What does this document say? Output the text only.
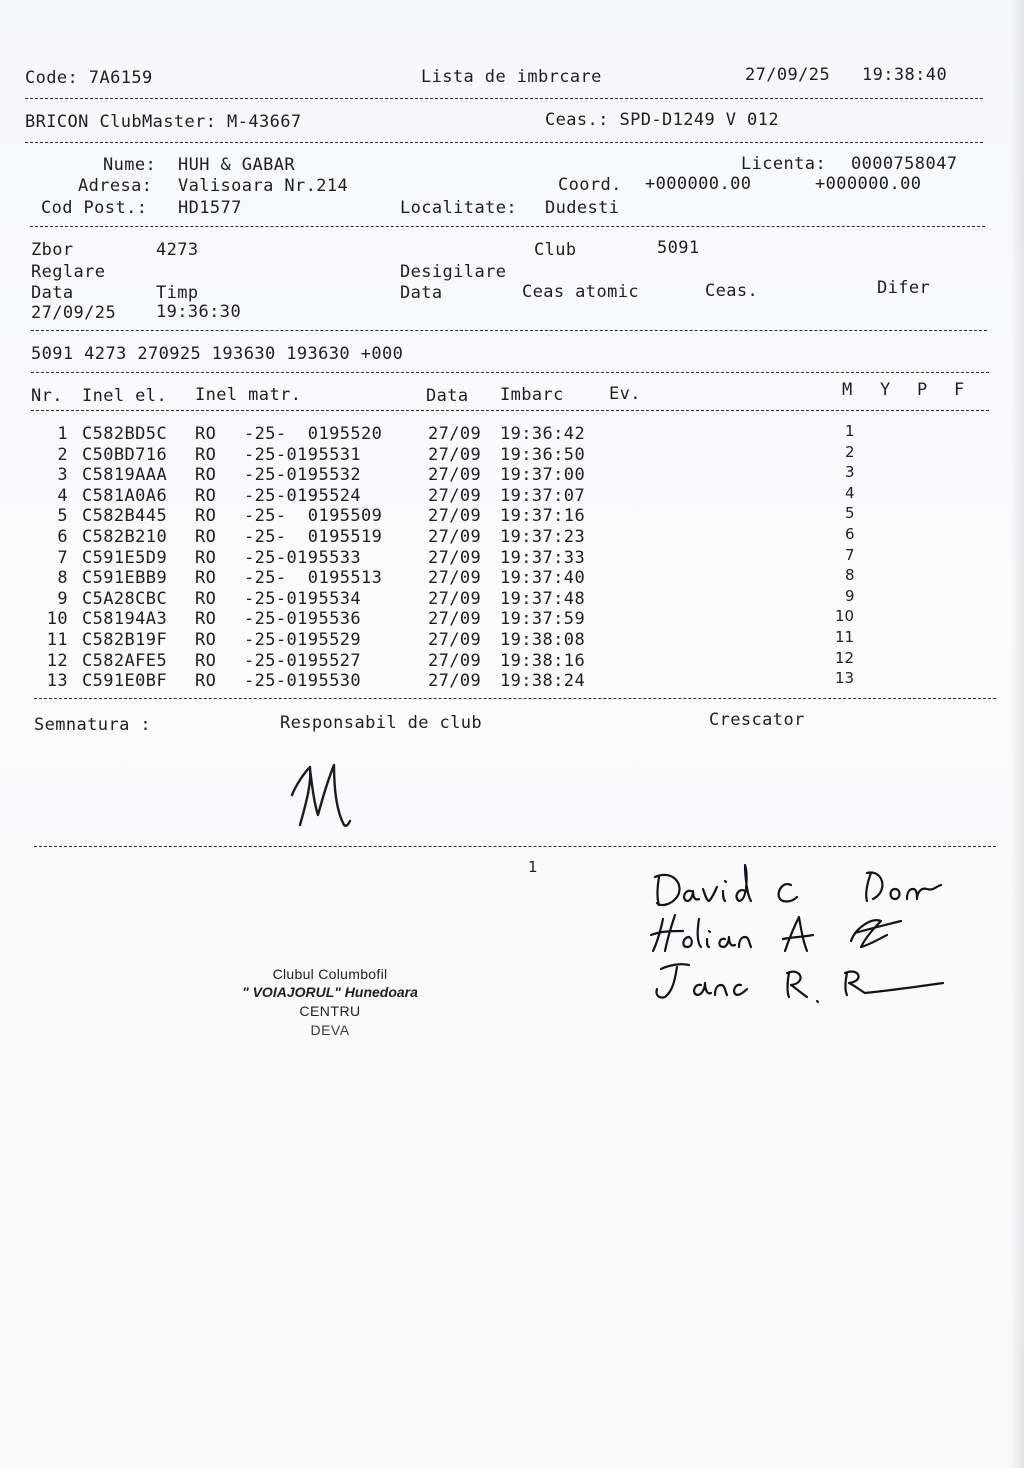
Code: 7A6159	Lista de imbrcare	27/09/25 19:38:40
BRICON ClubMaster: M-43667	Ceas.: SPD-D1249 V 012
Nume: HUH & GABAR
Adresa: Valisoara Nr.214
Cod Post.: HD1577
Licenta: 0000758047
Coord. +000000.00	+000000.00
Localitate: Dudesti
Zbor	4273	Club	5091
Reglare	Desigilare
Data	Timp	Data	Ceas atomic	Ceas.	Difer
27/09/25 19:36:30
5091 4273 270925 193630 193630 +000
Nr. Inel el. Inel matr.	Data Imbarc	Ev.	M Y P F
1 C582BD5C RO -25-  0195520	27/09 19:36:42	1
2 C50BD716 RO -25-0195531	27/09 19:36:50	2
3 C5819AAA RO -25-0195532	27/09 19:37:00	3
4 C581A0A6 RO -25-0195524	27/09 19:37:07	4
5 C582B445 RO -25-  0195509	27/09 19:37:16	5
6 C582B210 RO -25-  0195519	27/09 19:37:23	6
7 C591E5D9 RO -25-0195533	27/09 19:37:33	7
8 C591EBB9 RO -25-  0195513	27/09 19:37:40	8
9 C5A28CBC RO -25-0195534	27/09 19:37:48	9
10 C58194A3 RO -25-0195536	27/09 19:37:59	10
11 C582B19F RO -25-0195529	27/09 19:38:08	11
12 C582AFE5 RO -25-0195527	27/09 19:38:16	12
13 C591E0BF RO -25-0195530	27/09 19:38:24	13
Semnatura :	Responsabil de club	Crescator
1
Clubul Columbofil
" VOIAJORUL" Hunedoara
CENTRU
DEVA
